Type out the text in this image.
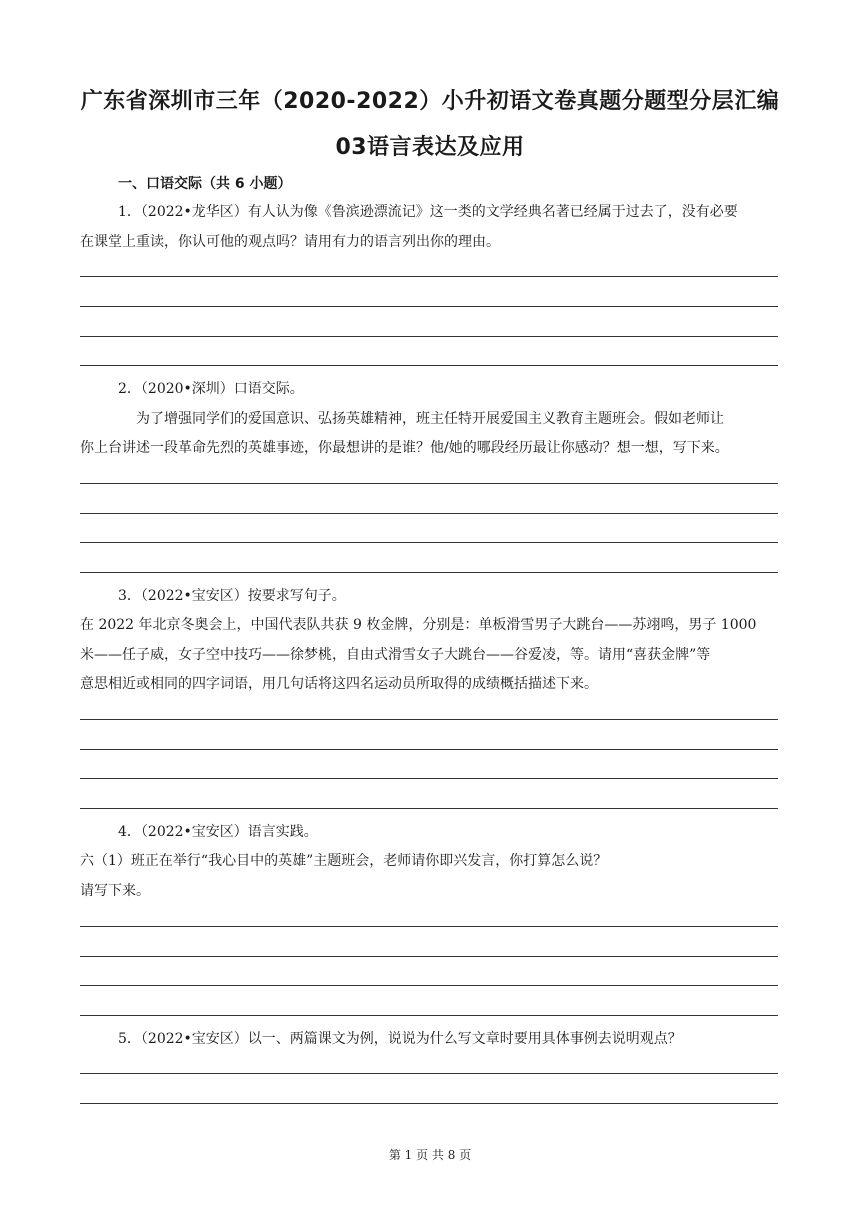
广东省深圳市三年（2020-2022）小升初语文卷真题分题型分层汇编
03语言表达及应用
一、口语交际（共 6 小题）
1．（2022•龙华区）有人认为像《鲁滨逊漂流记》这一类的文学经典名著已经属于过去了，没有必要
在课堂上重读，你认可他的观点吗？请用有力的语言列出你的理由。
2．（2020•深圳）口语交际。
为了增强同学们的爱国意识、弘扬英雄精神，班主任特开展爱国主义教育主题班会。假如老师让
你上台讲述一段革命先烈的英雄事迹，你最想讲的是谁？他/她的哪段经历最让你感动？想一想，写下来。
3．（2022•宝安区）按要求写句子。
在 2022 年北京冬奥会上，中国代表队共获 9 枚金牌，分别是：单板滑雪男子大跳台——苏翊鸣，男子 1000
米——任子威，女子空中技巧——徐梦桃，自由式滑雪女子大跳台——谷爱凌，等。请用“喜获金牌”等
意思相近或相同的四字词语，用几句话将这四名运动员所取得的成绩概括描述下来。
4．（2022•宝安区）语言实践。
六（1）班正在举行“我心目中的英雄”主题班会，老师请你即兴发言，你打算怎么说？
请写下来。
5．（2022•宝安区）以一、两篇课文为例，说说为什么写文章时要用具体事例去说明观点？
第 1 页 共 8 页
